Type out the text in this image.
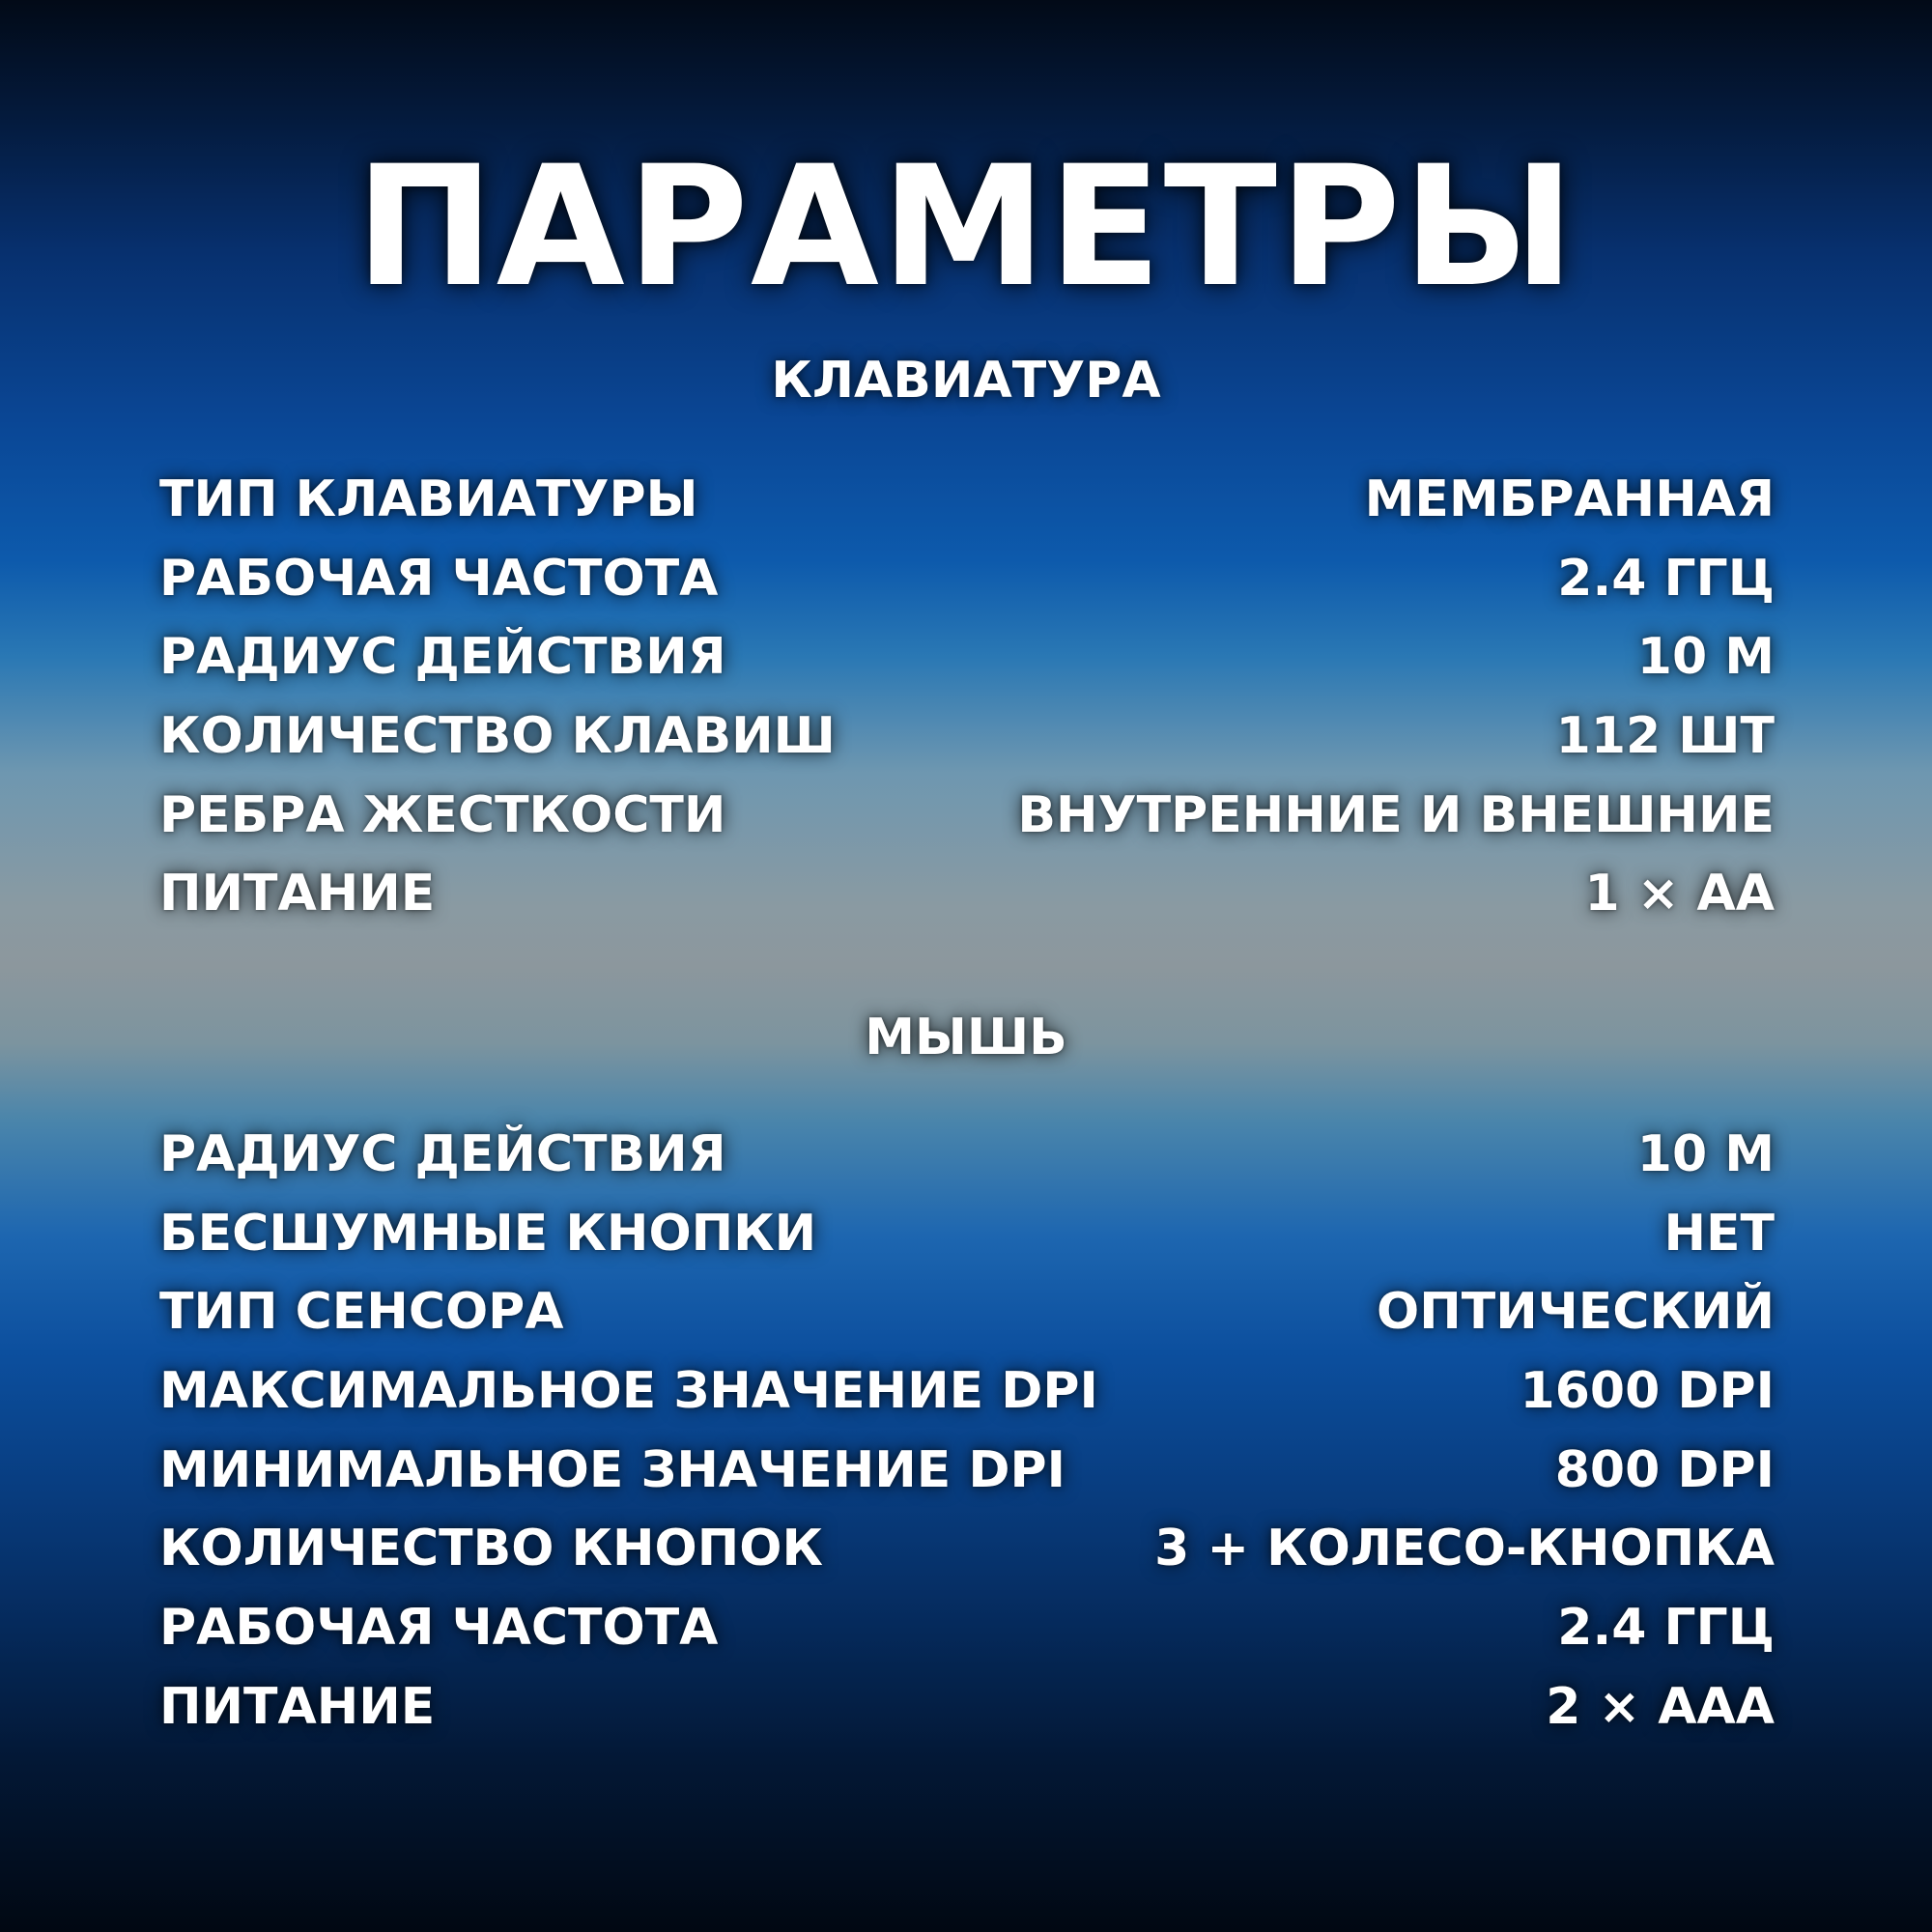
ПАРАМЕТРЫ
КЛАВИАТУРА
ТИП КЛАВИАТУРЫ	МЕМБРАННАЯ
РАБОЧАЯ ЧАСТОТА	2.4 ГГЦ
РАДИУС ДЕЙСТВИЯ	10 М
КОЛИЧЕСТВО КЛАВИШ	112 ШТ
РЕБРА ЖЕСТКОСТИ	ВНУТРЕННИЕ И ВНЕШНИЕ
ПИТАНИЕ	1 × АА
МЫШЬ
РАДИУС ДЕЙСТВИЯ	10 М
БЕСШУМНЫЕ КНОПКИ	НЕТ
ТИП СЕНСОРА	ОПТИЧЕСКИЙ
МАКСИМАЛЬНОЕ ЗНАЧЕНИЕ DPI	1600 DPI
МИНИМАЛЬНОЕ ЗНАЧЕНИЕ DPI	800 DPI
КОЛИЧЕСТВО КНОПОК	3 + КОЛЕСО-КНОПКА
РАБОЧАЯ ЧАСТОТА	2.4 ГГЦ
ПИТАНИЕ	2 × ААА
